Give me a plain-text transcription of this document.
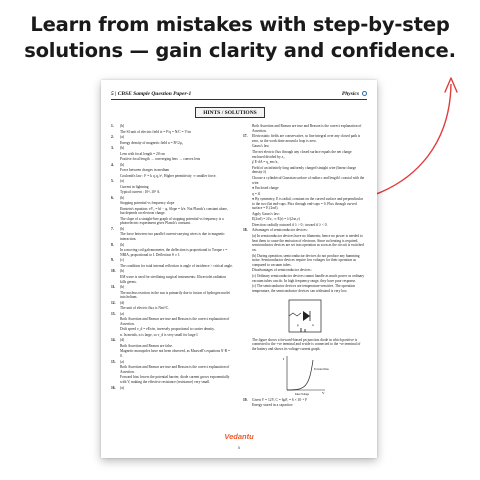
Learn from mistakes with step-by-step
solutions — gain clarity and confidence.
5 | CBSE Sample Question Paper-1	Physics
HINTS / SOLUTIONS
1.	(b)
The SI unit of electric field is = F/q = N/C = V/m
2.	(a)
Energy density of magnetic field u = B²/2μ₀
3.	(b)
Lens with focal length = 20 cm
Positive focal length → converging lens → convex lens
4.	(b)
Force between charges in medium
Coulomb's law : F = k q₁q₂/r², Higher permittivity ⇒ smaller force.
5.	(a)
Current in lightning
Typical current : 10⁴–10⁵ A.
6.	(b)
Stopping potential vs frequency slope
Einstein's equation: eV₀ = hf − φ, Slope = h/e. Not Planck's constant alone, but depends on electron charge.
The slope of a straight-line graph of stopping potential vs frequency is a photoelectric experiment gives Planck's constant.
7.	(b)
The force between two parallel current-carrying wires is due to magnetic interaction.
8.	(b)
In a moving coil galvanometer, the deflection is proportional to Torque τ = NBIA, proportional to I. Deflection θ ∝ I.
9.	(c)
The condition for total internal reflection is angle of incidence > critical angle.
10.	(b)
EM wave is used for sterilizing surgical instruments: Ultraviolet radiation kills germs.
11.	(b)
The nucleus reaction in the sun is primarily due to fusion of hydrogen nuclei into helium.
12.	(d)
The unit of electric flux is Nm²/C.
13.	(a)
Both Assertion and Reason are true and Reason is the correct explanation of Assertion.
Drift speed v_d = eEτ/m, inversely proportional to carrier density.
n. In metals, n is large, so v_d is very small for large I.
14.	(d)
Both Assertion and Reason are false.
Magnetic monopoles have not been observed, as Maxwell's equations ∇·B = 0.
15.	(a)
Both Assertion and Reason are true and Reason is the correct explanation of Assertion.
Forward bias lowers the potential barrier, diode current grows exponentially with V, making the effective resistance (resistance) very small.
16.	(a)
Both Assertion and Reason are true and Reason is the correct explanation of Assertion.
17.	Electrostatic fields are conservative, so line integral over any closed path is zero, so the work done around a loop is zero.
Gauss's law
The net electric flux through any closed surface equals the net charge enclosed divided by ε₀.
∮ E·dA = q_enc/ε₀
Field of an infinitely long uniformly charged straight wire (linear charge density λ)
Choose a cylindrical Gaussian surface of radius r and length l coaxial with the wire.
● Enclosed charge
q = λl
● By symmetry, E is radial, constant on the curved surface and perpendicular to the two flat end-caps. Flux through end-caps = 0. Flux through curved surface = E (2πrl).
Apply Gauss's law:
E(2πrl) = λl/ε₀ ⇒ E(r) = λ/(2πε₀r)
Direction: radially outward if λ > 0 ; inward if λ < 0.
18.	Advantages of semiconductor devices:
(a) In semiconductor devices have no filaments; hence no power is needed to heat them to cause the emission of electrons. Since no heating is required, semiconductor devices are set into operation as soon as the circuit is switched on.
(b) During operation, semiconductor devices do not produce any humming noise. Semiconductor devices require low voltages for their operation as compared to vacuum tubes.
Disadvantages of semiconductor devices:
(c) Ordinary semiconductor devices cannot handle as much power as ordinary vacuum tubes can do. In high frequency range, they have poor response.
(c) The semiconductor devices are temperature-sensitive. The operation temperature, the semiconductor devices can withstand is very low.
p	n
The figure shows a forward-biased pn junction diode in which positive is connected to the +ve terminal and n-side is connected to the -ve terminal of the battery and shows its voltage-current graph.
I
V
Forward bias
Knee Voltage
19.	Given V = 12V, C = 6μF, = 6 × 10⁻⁶ F
Energy stored in a capacitor:
Vedantu
5
